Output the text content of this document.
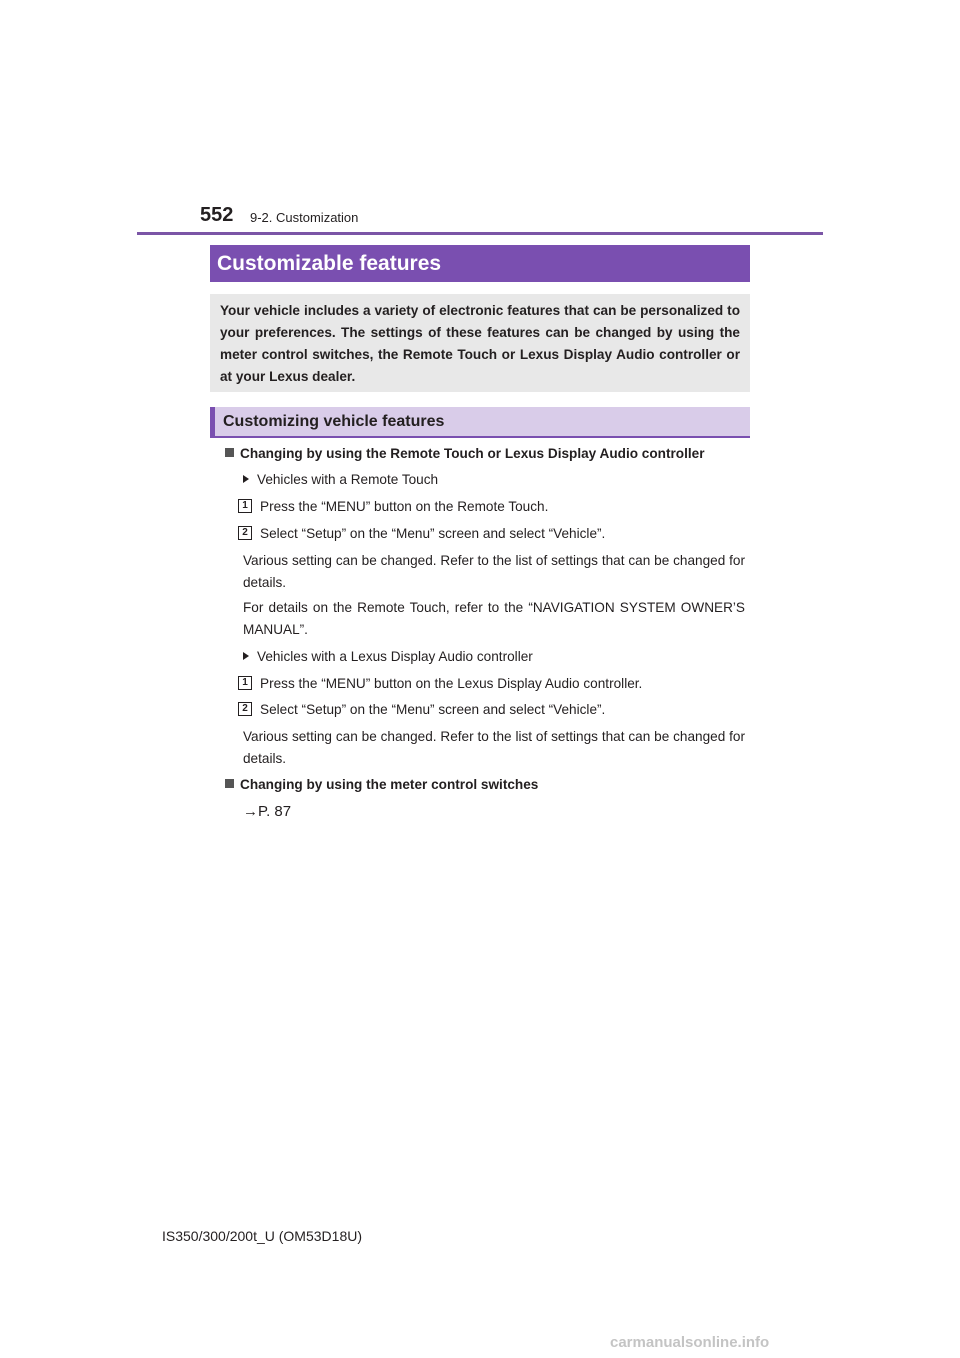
552 9-2. Customization
Customizable features
Your vehicle includes a variety of electronic features that can be personalized to your preferences. The settings of these features can be changed by using the meter control switches, the Remote Touch or Lexus Display Audio controller or at your Lexus dealer.
Customizing vehicle features
Changing by using the Remote Touch or Lexus Display Audio controller
Vehicles with a Remote Touch
1 Press the “MENU” button on the Remote Touch.
2 Select “Setup” on the “Menu” screen and select “Vehicle”.
Various setting can be changed. Refer to the list of settings that can be changed for details.
For details on the Remote Touch, refer to the “NAVIGATION SYSTEM OWNER’S MANUAL”.
Vehicles with a Lexus Display Audio controller
1 Press the “MENU” button on the Lexus Display Audio controller.
2 Select “Setup” on the “Menu” screen and select “Vehicle”.
Various setting can be changed. Refer to the list of settings that can be changed for details.
Changing by using the meter control switches
→P. 87
IS350/300/200t_U (OM53D18U)
carmanualsonline.info
